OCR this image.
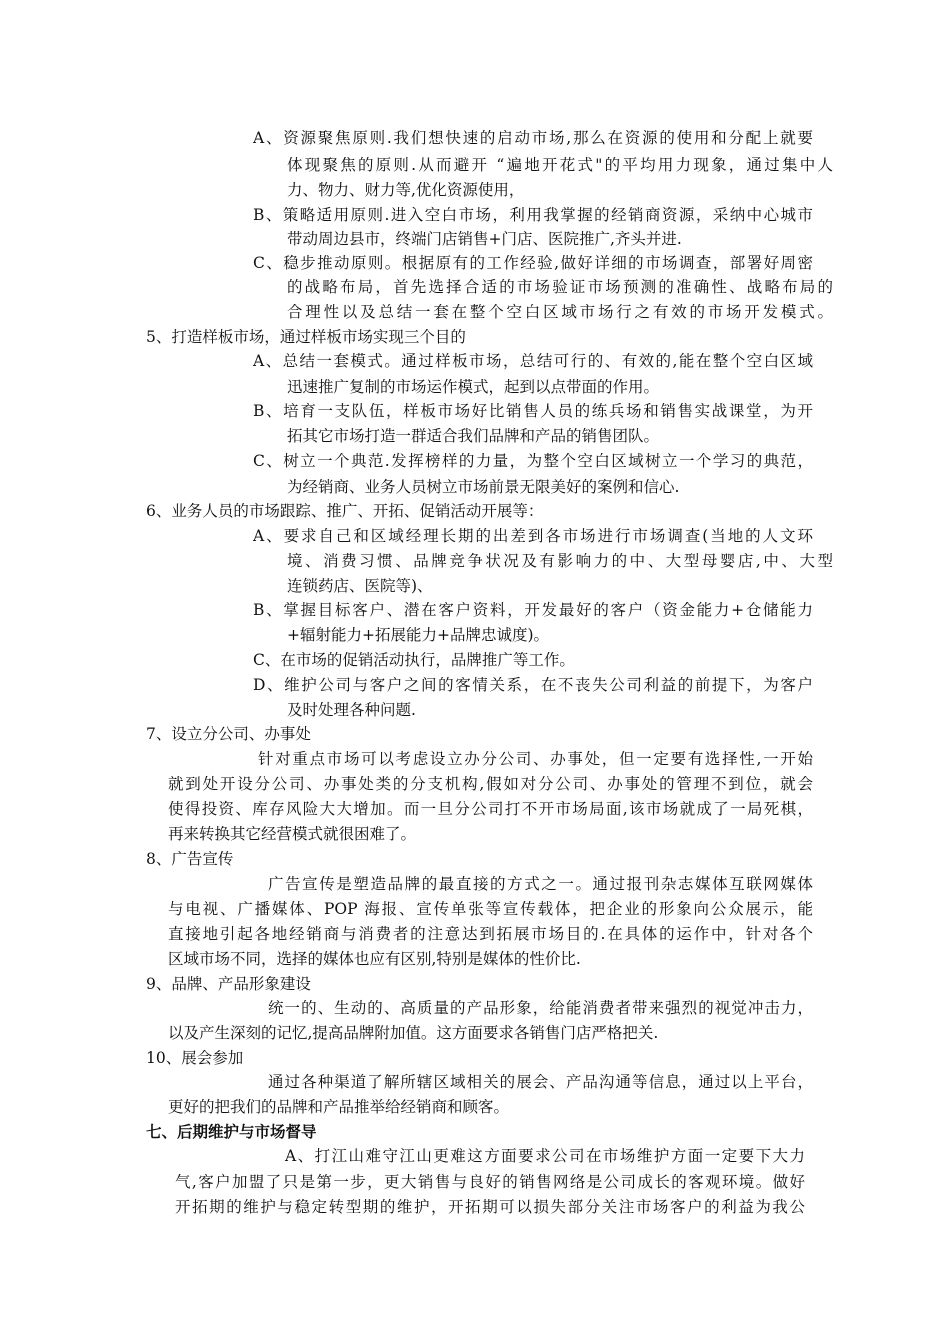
A、资源聚焦原则.我们想快速的启动市场,那么在资源的使用和分配上就要
体现聚焦的原则.从而避开 “遍地开花式"的平均用力现象，通过集中人
力、物力、财力等,优化资源使用，
B、策略适用原则.进入空白市场，利用我掌握的经销商资源，采纳中心城市
带动周边县市，终端门店销售+门店、医院推广,齐头并进.
C、稳步推动原则。根据原有的工作经验,做好详细的市场调查，部署好周密
的战略布局，首先选择合适的市场验证市场预测的准确性、战略布局的
合理性以及总结一套在整个空白区域市场行之有效的市场开发模式。
5、打造样板市场，通过样板市场实现三个目的
A、总结一套模式。通过样板市场，总结可行的、有效的,能在整个空白区域
迅速推广复制的市场运作模式，起到以点带面的作用。
B、培育一支队伍，样板市场好比销售人员的练兵场和销售实战课堂，为开
拓其它市场打造一群适合我们品牌和产品的销售团队。
C、树立一个典范.发挥榜样的力量，为整个空白区域树立一个学习的典范，
为经销商、业务人员树立市场前景无限美好的案例和信心.
6、业务人员的市场跟踪、推广、开拓、促销活动开展等：
A、要求自己和区域经理长期的出差到各市场进行市场调查(当地的人文环
境、消费习惯、品牌竞争状况及有影响力的中、大型母婴店,中、大型
连锁药店、医院等)、
B、掌握目标客户、潜在客户资料，开发最好的客户（资金能力+仓储能力
+辐射能力+拓展能力+品牌忠诚度)。
C、在市场的促销活动执行，品牌推广等工作。
D、维护公司与客户之间的客情关系，在不丧失公司利益的前提下，为客户
及时处理各种问题.
7、设立分公司、办事处
针对重点市场可以考虑设立办分公司、办事处，但一定要有选择性,一开始
就到处开设分公司、办事处类的分支机构,假如对分公司、办事处的管理不到位，就会
使得投资、库存风险大大增加。而一旦分公司打不开市场局面,该市场就成了一局死棋，
再来转换其它经营模式就很困难了。
8、广告宣传
广告宣传是塑造品牌的最直接的方式之一。通过报刊杂志媒体互联网媒体
与电视、广播媒体、POP 海报、宣传单张等宣传载体，把企业的形象向公众展示，能
直接地引起各地经销商与消费者的注意达到拓展市场目的.在具体的运作中，针对各个
区域市场不同，选择的媒体也应有区别,特别是媒体的性价比.
9、品牌、产品形象建设
统一的、生动的、高质量的产品形象，给能消费者带来强烈的视觉冲击力，
以及产生深刻的记忆,提高品牌附加值。这方面要求各销售门店严格把关.
10、展会参加
通过各种渠道了解所辖区域相关的展会、产品沟通等信息，通过以上平台，
更好的把我们的品牌和产品推举给经销商和顾客。
七、后期维护与市场督导
A、打江山难守江山更难这方面要求公司在市场维护方面一定要下大力
气,客户加盟了只是第一步，更大销售与良好的销售网络是公司成长的客观环境。做好
开拓期的维护与稳定转型期的维护，开拓期可以损失部分关注市场客户的利益为我公
